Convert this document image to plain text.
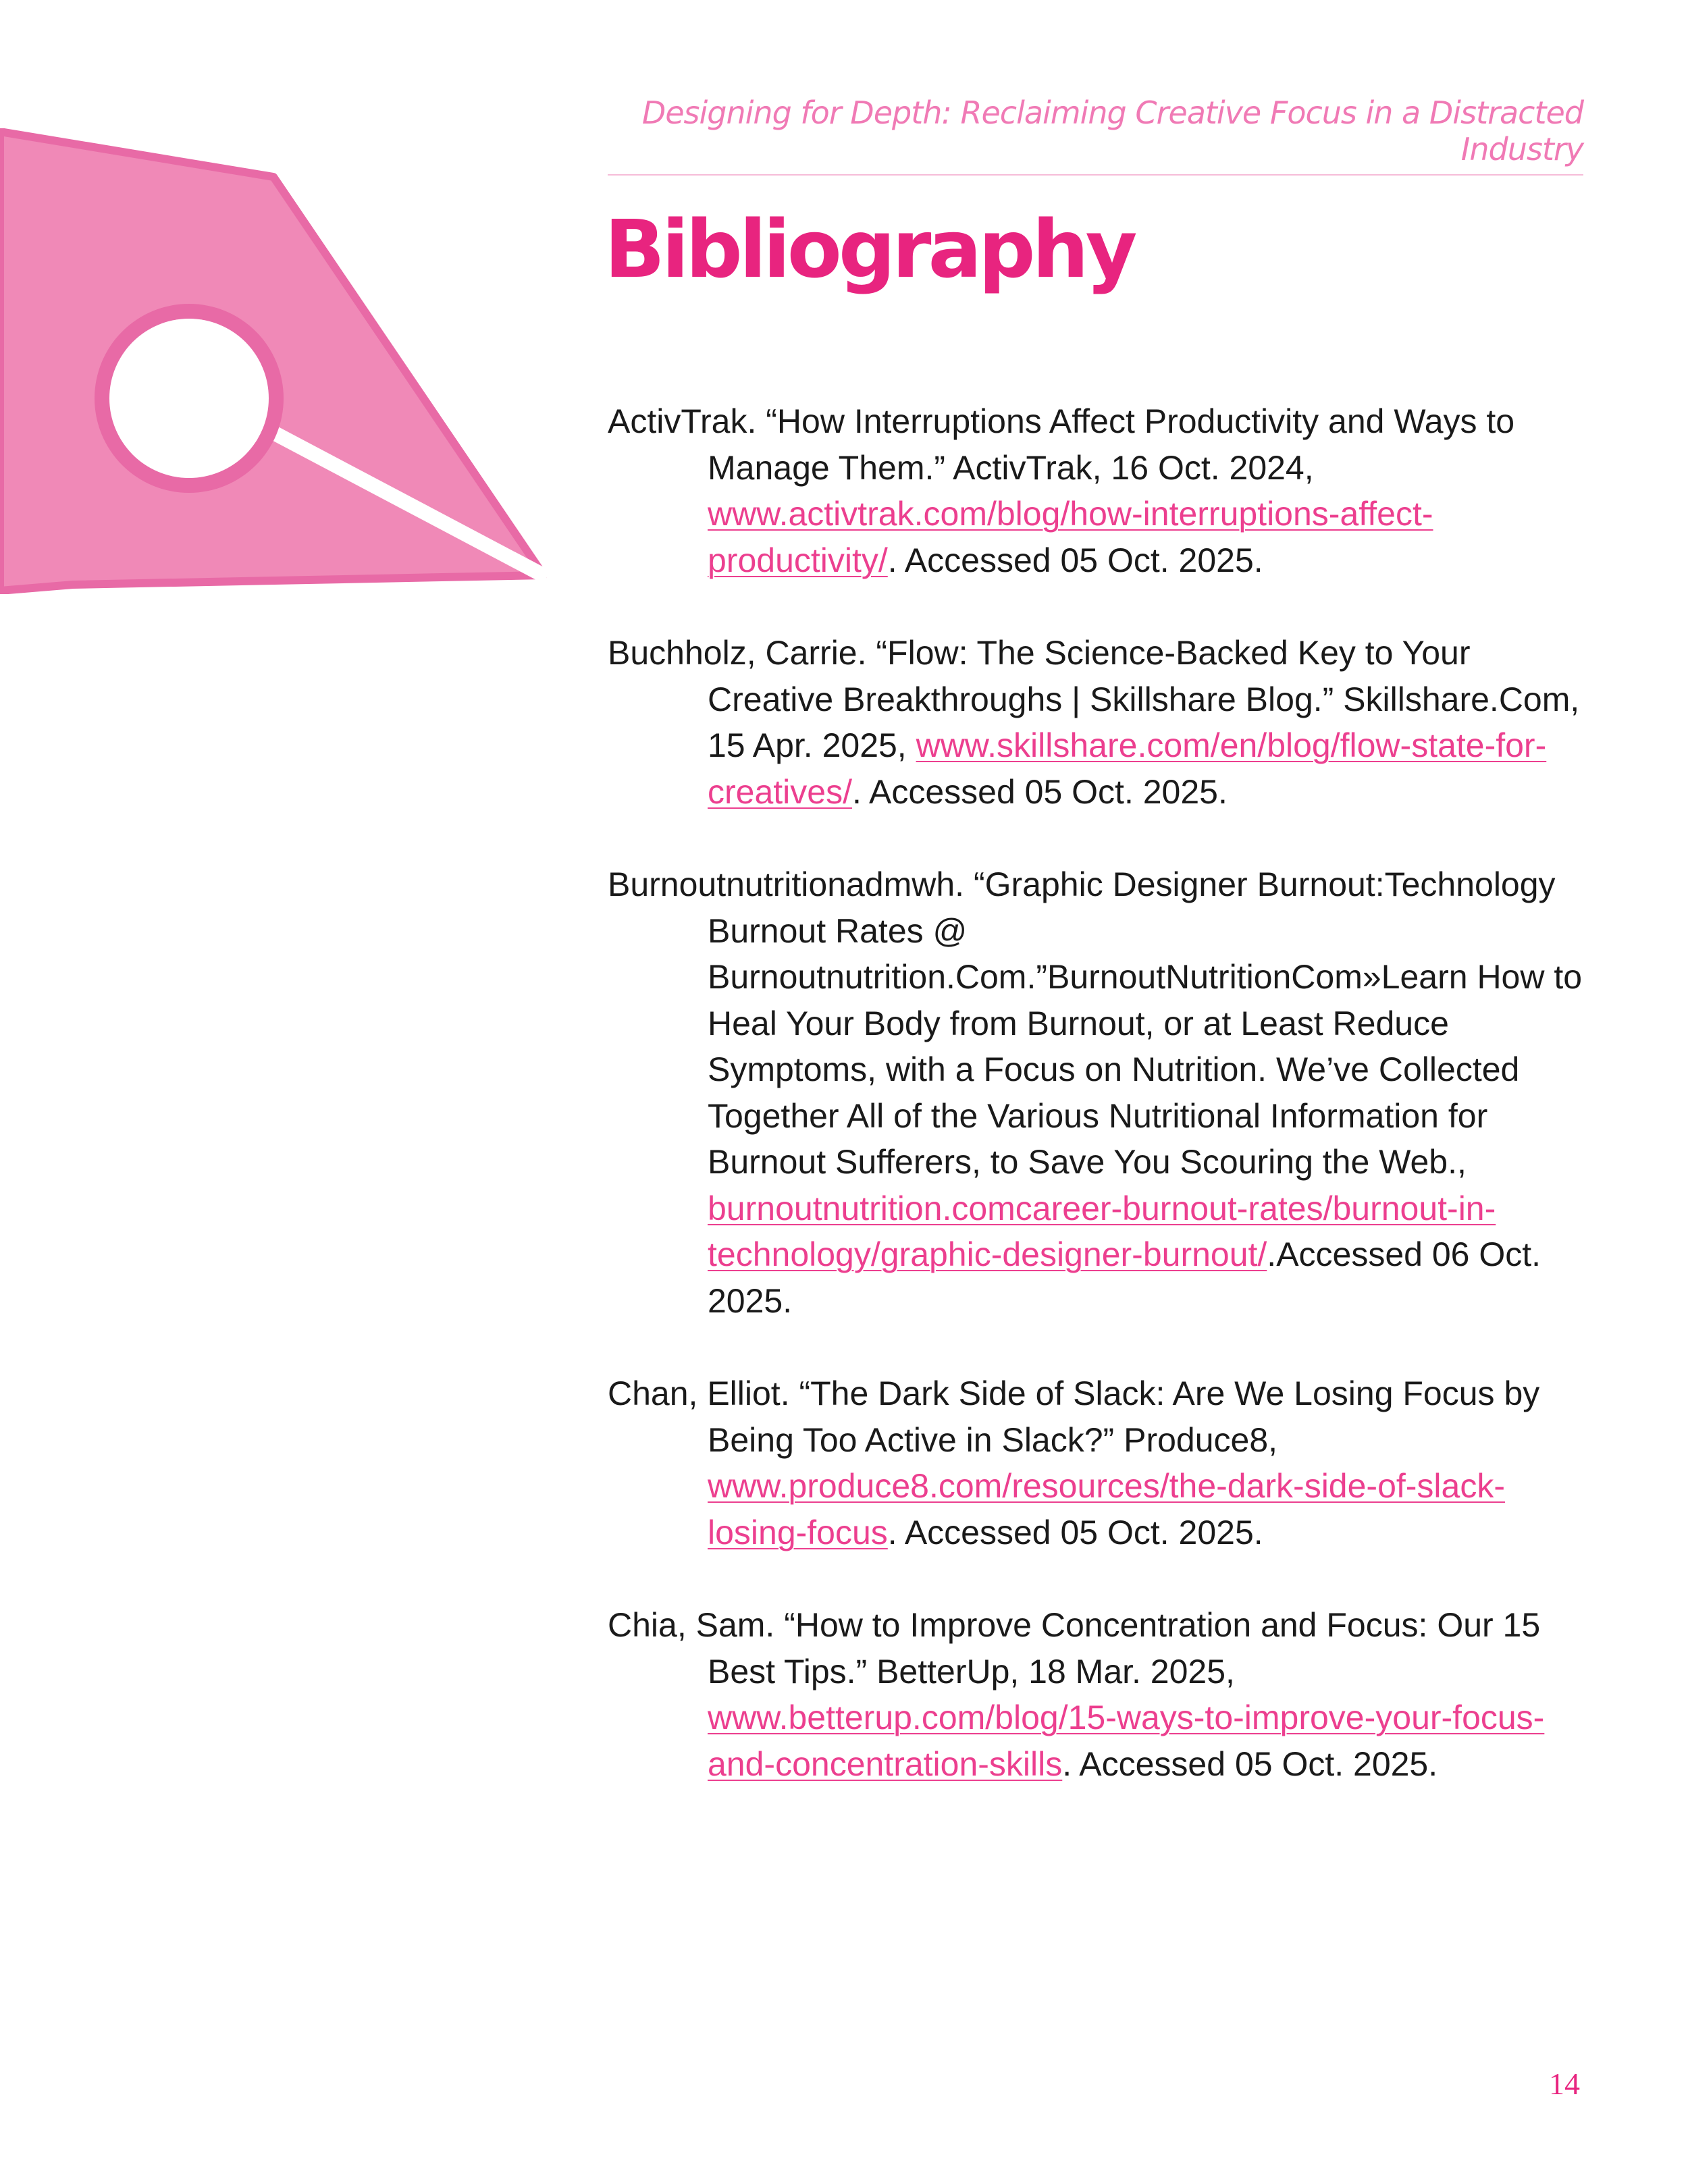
Designing for Depth: Reclaiming Creative Focus in a Distracted Industry
Bibliography

ActivTrak. “How Interruptions Affect Productivity and Ways to Manage Them.” ActivTrak, 16 Oct. 2024, www.activtrak.com/blog/how-interruptions-affect-productivity/. Accessed 05 Oct. 2025.

Buchholz, Carrie. “Flow: The Science-Backed Key to Your Creative Breakthroughs | Skillshare Blog.” Skillshare.Com, 15 Apr. 2025, www.skillshare.com/en/blog/flow-state-for-creatives/. Accessed 05 Oct. 2025.

Burnoutnutritionadmwh. “Graphic Designer Burnout:Technology Burnout Rates @ Burnoutnutrition.Com.”BurnoutNutritionCom»Learn How to Heal Your Body from Burnout, or at Least Reduce Symptoms, with a Focus on Nutrition. We’ve Collected Together All of the Various Nutritional Information for Burnout Sufferers, to Save You Scouring the Web., burnoutnutrition.comcareer-burnout-rates/burnout-in-technology/graphic-designer-burnout/.Accessed 06 Oct. 2025.

Chan, Elliot. “The Dark Side of Slack: Are We Losing Focus by Being Too Active in Slack?” Produce8, www.produce8.com/resources/the-dark-side-of-slack-losing-focus. Accessed 05 Oct. 2025.

Chia, Sam. “How to Improve Concentration and Focus: Our 15 Best Tips.” BetterUp, 18 Mar. 2025, www.betterup.com/blog/15-ways-to-improve-your-focus-and-concentration-skills. Accessed 05 Oct. 2025.

14
